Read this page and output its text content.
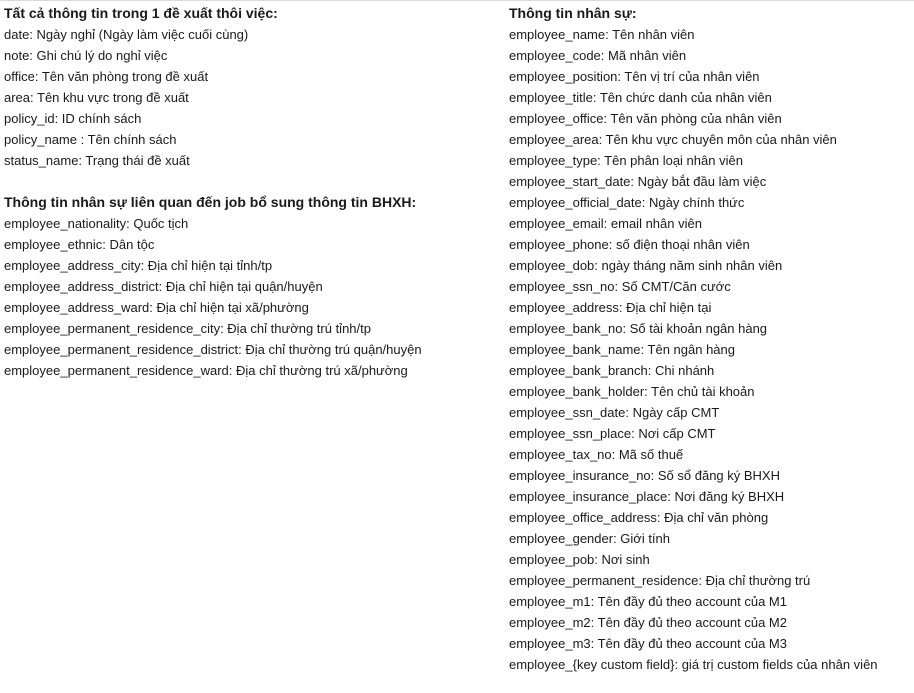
Tất cả thông tin trong 1 đề xuất thôi việc:
date: Ngày nghỉ (Ngày làm việc cuối cùng)
note: Ghi chú lý do nghỉ việc
office: Tên văn phòng trong đề xuất
area: Tên khu vực trong đề xuất
policy_id: ID chính sách
policy_name : Tên chính sách
status_name: Trạng thái đề xuất
Thông tin nhân sự liên quan đến job bổ sung thông tin BHXH:
employee_nationality: Quốc tịch
employee_ethnic: Dân tộc
employee_address_city: Địa chỉ hiện tại tỉnh/tp
employee_address_district: Địa chỉ hiện tại quận/huyện
employee_address_ward: Địa chỉ hiện tại xã/phường
employee_permanent_residence_city: Địa chỉ thường trú tỉnh/tp
employee_permanent_residence_district: Địa chỉ thường trú quận/huyện
employee_permanent_residence_ward: Địa chỉ thường trú xã/phường
Thông tin nhân sự:
employee_name: Tên nhân viên
employee_code: Mã nhân viên
employee_position: Tên vị trí của nhân viên
employee_title: Tên chức danh của nhân viên
employee_office: Tên văn phòng của nhân viên
employee_area: Tên khu vực chuyên môn của nhân viên
employee_type: Tên phân loại nhân viên
employee_start_date: Ngày bắt đầu làm việc
employee_official_date: Ngày chính thức
employee_email: email nhân viên
employee_phone: số điện thoại nhân viên
employee_dob: ngày tháng năm sinh nhân viên
employee_ssn_no: Số CMT/Căn cước
employee_address: Địa chỉ hiện tại
employee_bank_no: Số tài khoản ngân hàng
employee_bank_name: Tên ngân hàng
employee_bank_branch: Chi nhánh
employee_bank_holder: Tên chủ tài khoản
employee_ssn_date: Ngày cấp CMT
employee_ssn_place: Nơi cấp CMT
employee_tax_no: Mã số thuế
employee_insurance_no: Số sổ đăng ký BHXH
employee_insurance_place: Nơi đăng ký BHXH
employee_office_address: Địa chỉ văn phòng
employee_gender: Giới tính
employee_pob: Nơi sinh
employee_permanent_residence: Địa chỉ thường trú
employee_m1: Tên đầy đủ theo account của M1
employee_m2: Tên đầy đủ theo account của M2
employee_m3: Tên đầy đủ theo account của M3
employee_{key custom field}: giá trị custom fields của nhân viên
